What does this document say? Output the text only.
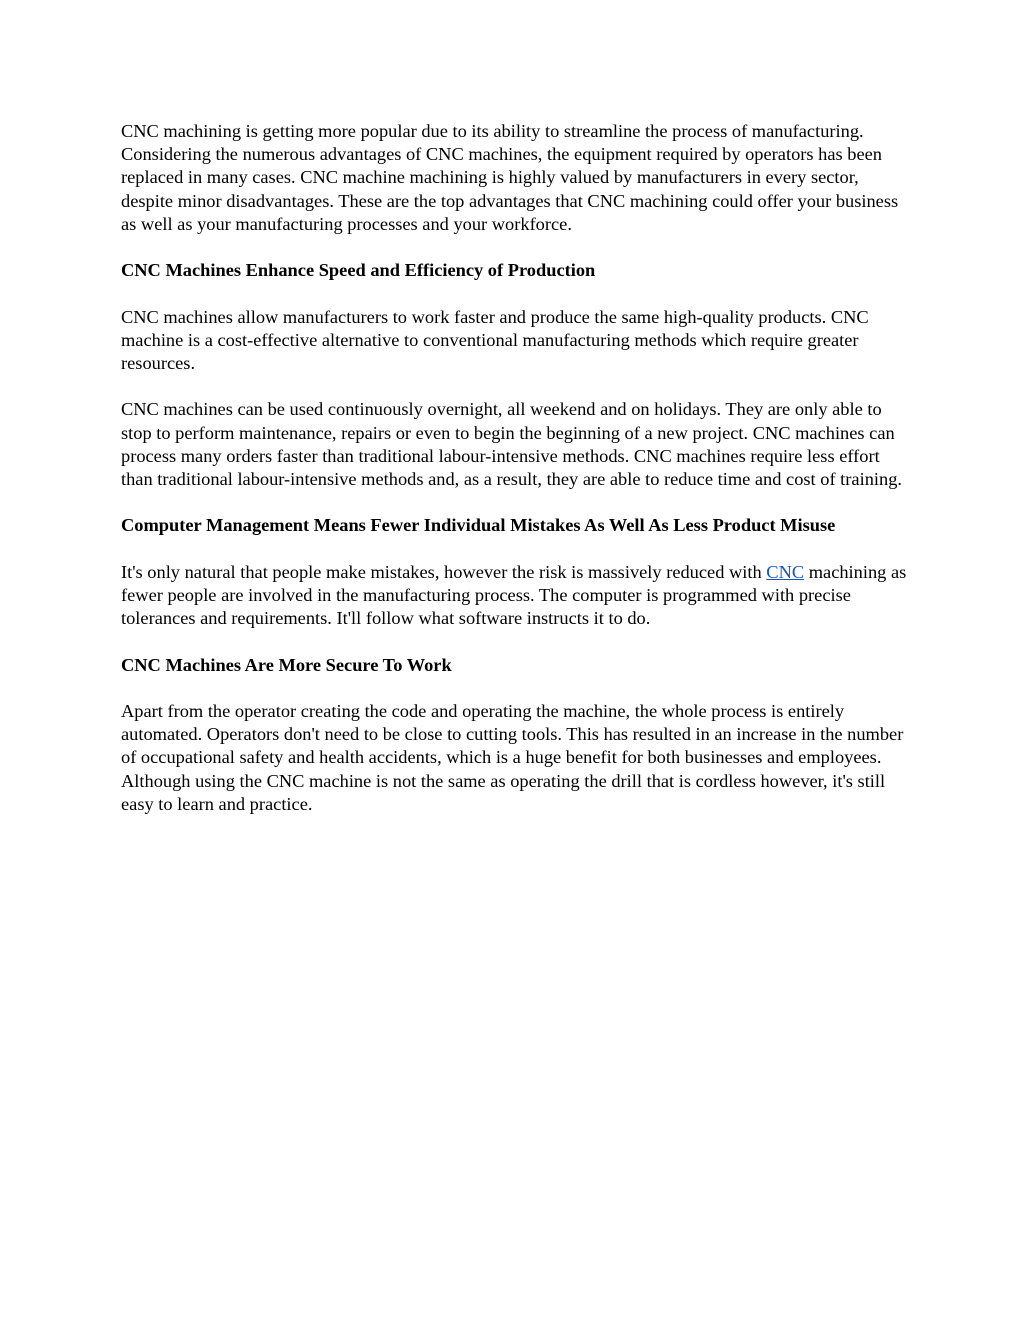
CNC machining is getting more popular due to its ability to streamline the process of manufacturing. Considering the numerous advantages of CNC machines, the equipment required by operators has been replaced in many cases. CNC machine machining is highly valued by manufacturers in every sector, despite minor disadvantages. These are the top advantages that CNC machining could offer your business as well as your manufacturing processes and your workforce.

CNC Machines Enhance Speed and Efficiency of Production

CNC machines allow manufacturers to work faster and produce the same high-quality products. CNC machine is a cost-effective alternative to conventional manufacturing methods which require greater resources.

CNC machines can be used continuously overnight, all weekend and on holidays. They are only able to stop to perform maintenance, repairs or even to begin the beginning of a new project. CNC machines can process many orders faster than traditional labour-intensive methods. CNC machines require less effort than traditional labour-intensive methods and, as a result, they are able to reduce time and cost of training.

Computer Management Means Fewer Individual Mistakes As Well As Less Product Misuse

It's only natural that people make mistakes, however the risk is massively reduced with CNC machining as fewer people are involved in the manufacturing process. The computer is programmed with precise tolerances and requirements. It'll follow what software instructs it to do.

CNC Machines Are More Secure To Work

Apart from the operator creating the code and operating the machine, the whole process is entirely automated. Operators don't need to be close to cutting tools. This has resulted in an increase in the number of occupational safety and health accidents, which is a huge benefit for both businesses and employees. Although using the CNC machine is not the same as operating the drill that is cordless however, it's still easy to learn and practice.
